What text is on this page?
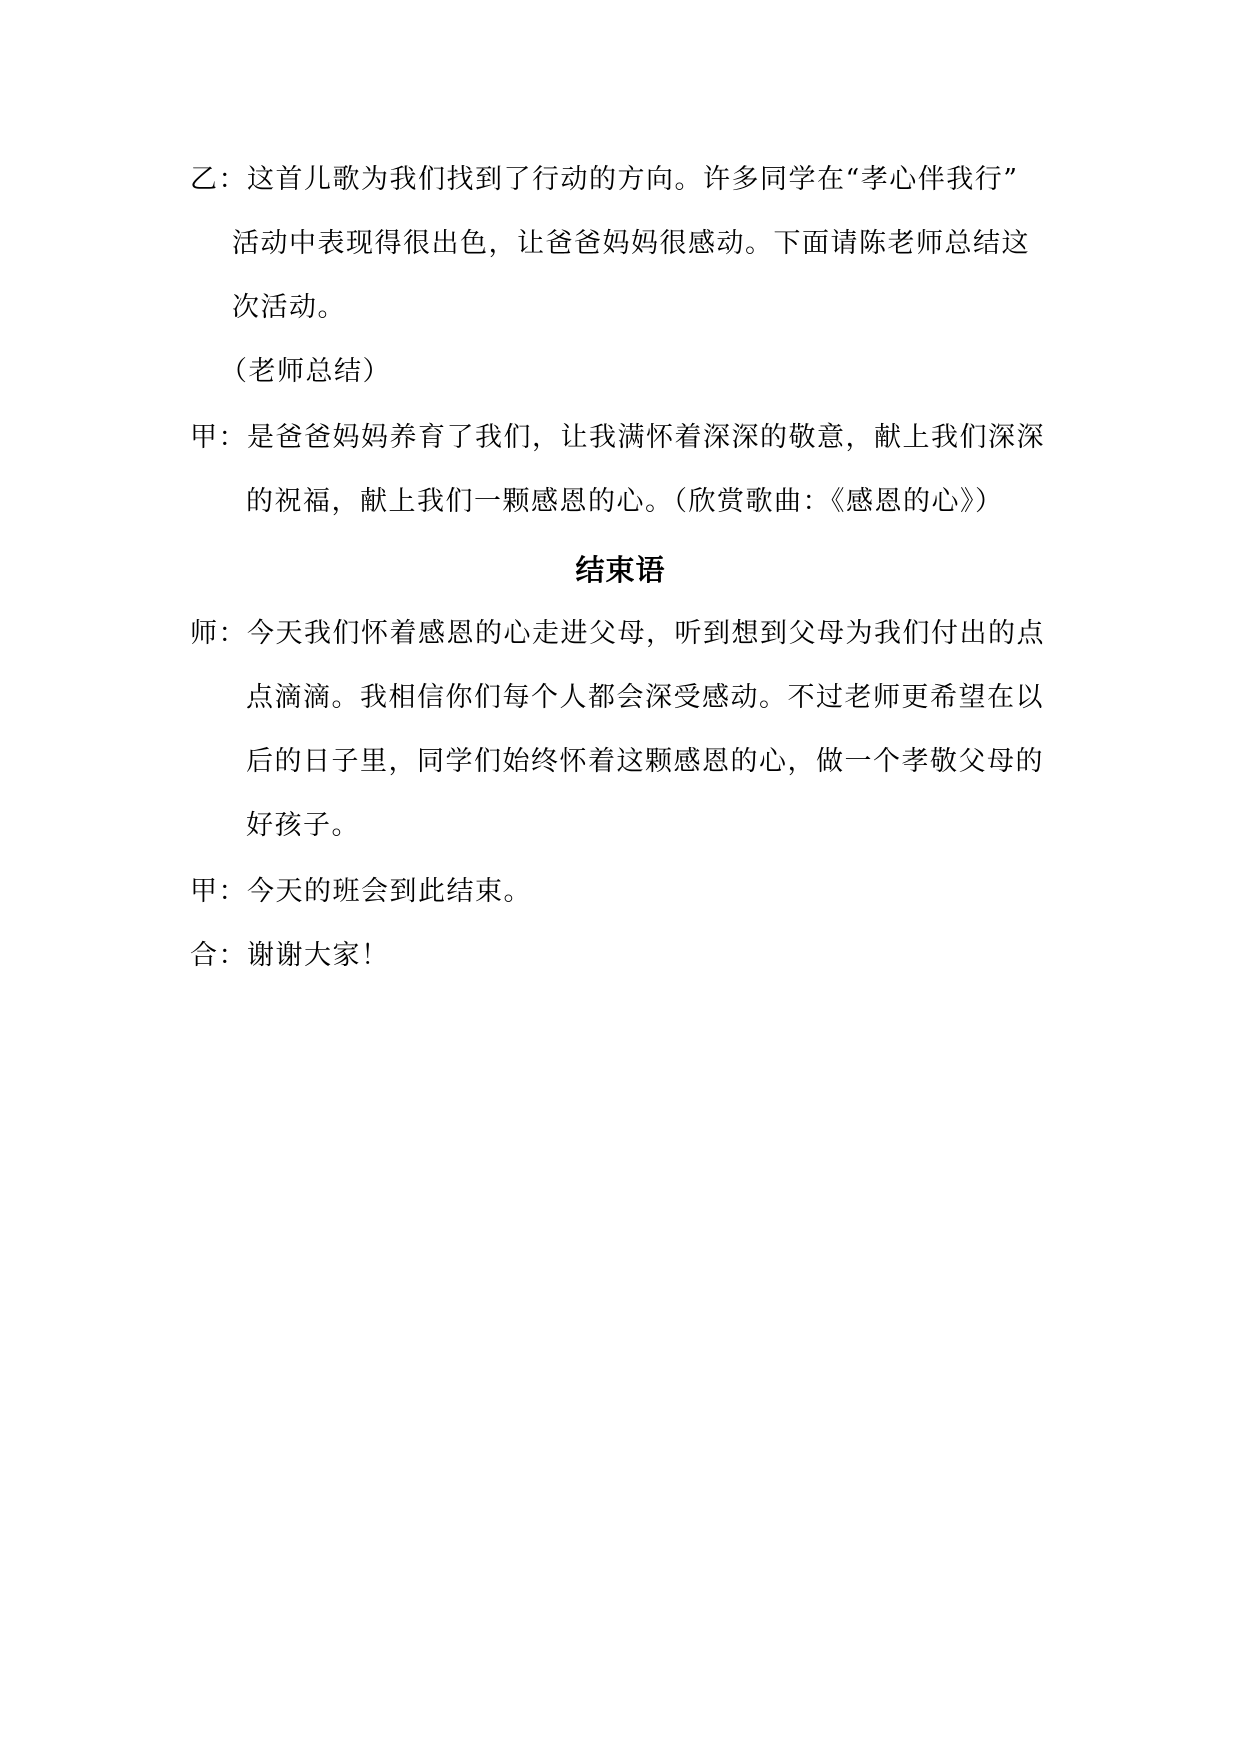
乙：这首儿歌为我们找到了行动的方向。许多同学在“孝心伴我行”
活动中表现得很出色，让爸爸妈妈很感动。下面请陈老师总结这
次活动。
（老师总结）
甲：是爸爸妈妈养育了我们，让我满怀着深深的敬意，献上我们深深
的祝福，献上我们一颗感恩的心。（欣赏歌曲：《感恩的心》）
结束语
师：今天我们怀着感恩的心走进父母，听到想到父母为我们付出的点
点滴滴。我相信你们每个人都会深受感动。不过老师更希望在以
后的日子里，同学们始终怀着这颗感恩的心，做一个孝敬父母的
好孩子。
甲：今天的班会到此结束。
合：谢谢大家！
